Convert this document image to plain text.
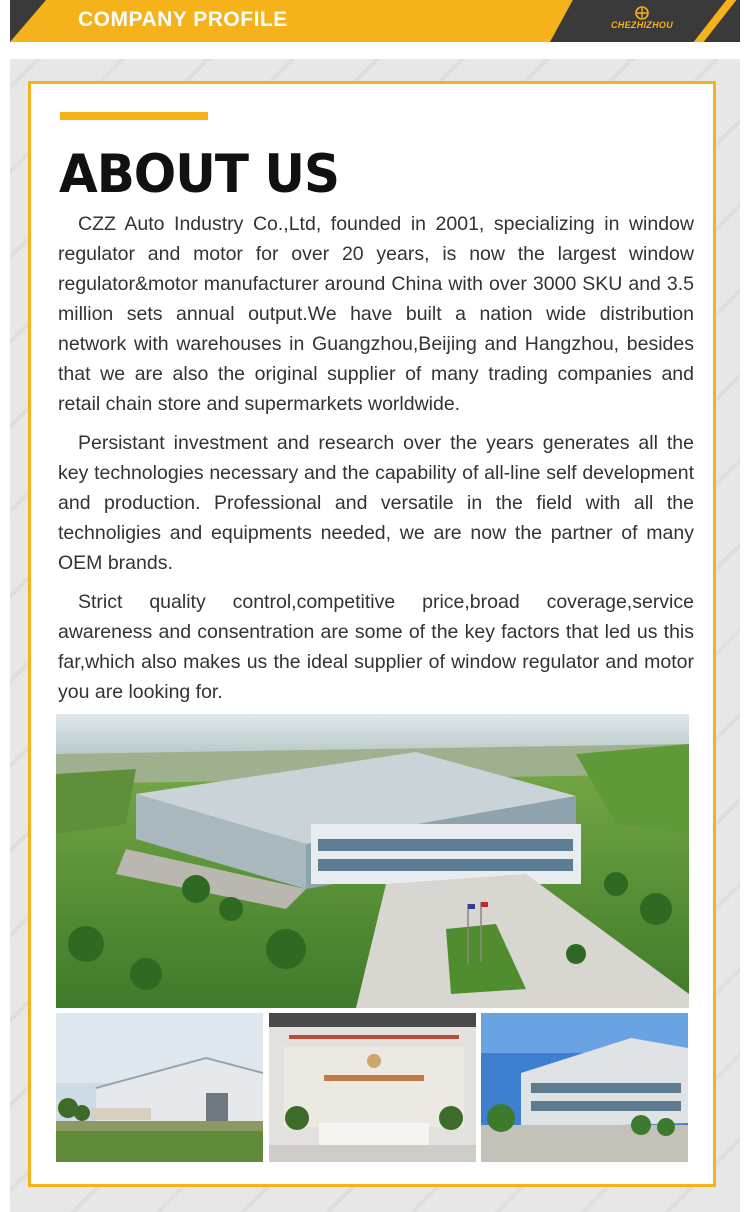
COMPANY PROFILE	CHEZHIZHOU
ABOUT US

CZZ Auto Industry Co.,Ltd, founded in 2001, specializing in window regulator and motor for over 20 years, is now the largest window regulator&motor manufacturer around China with over 3000 SKU and 3.5 million sets annual output.We have built a nation wide distribution network with warehouses in Guangzhou,Beijing and Hangzhou, besides that we are also the original supplier of many trading companies and retail chain store and supermarkets worldwide.

Persistant investment and research over the years generates all the key technologies necessary and the capability of all-line self development and production. Professional and versatile in the field with all the technoligies and equipments needed, we are now the partner of many OEM brands.

Strict quality control,competitive price,broad coverage,service awareness and consentration are some of the key factors that led us this far,which also makes us the ideal supplier of window regulator and motor you are looking for.
